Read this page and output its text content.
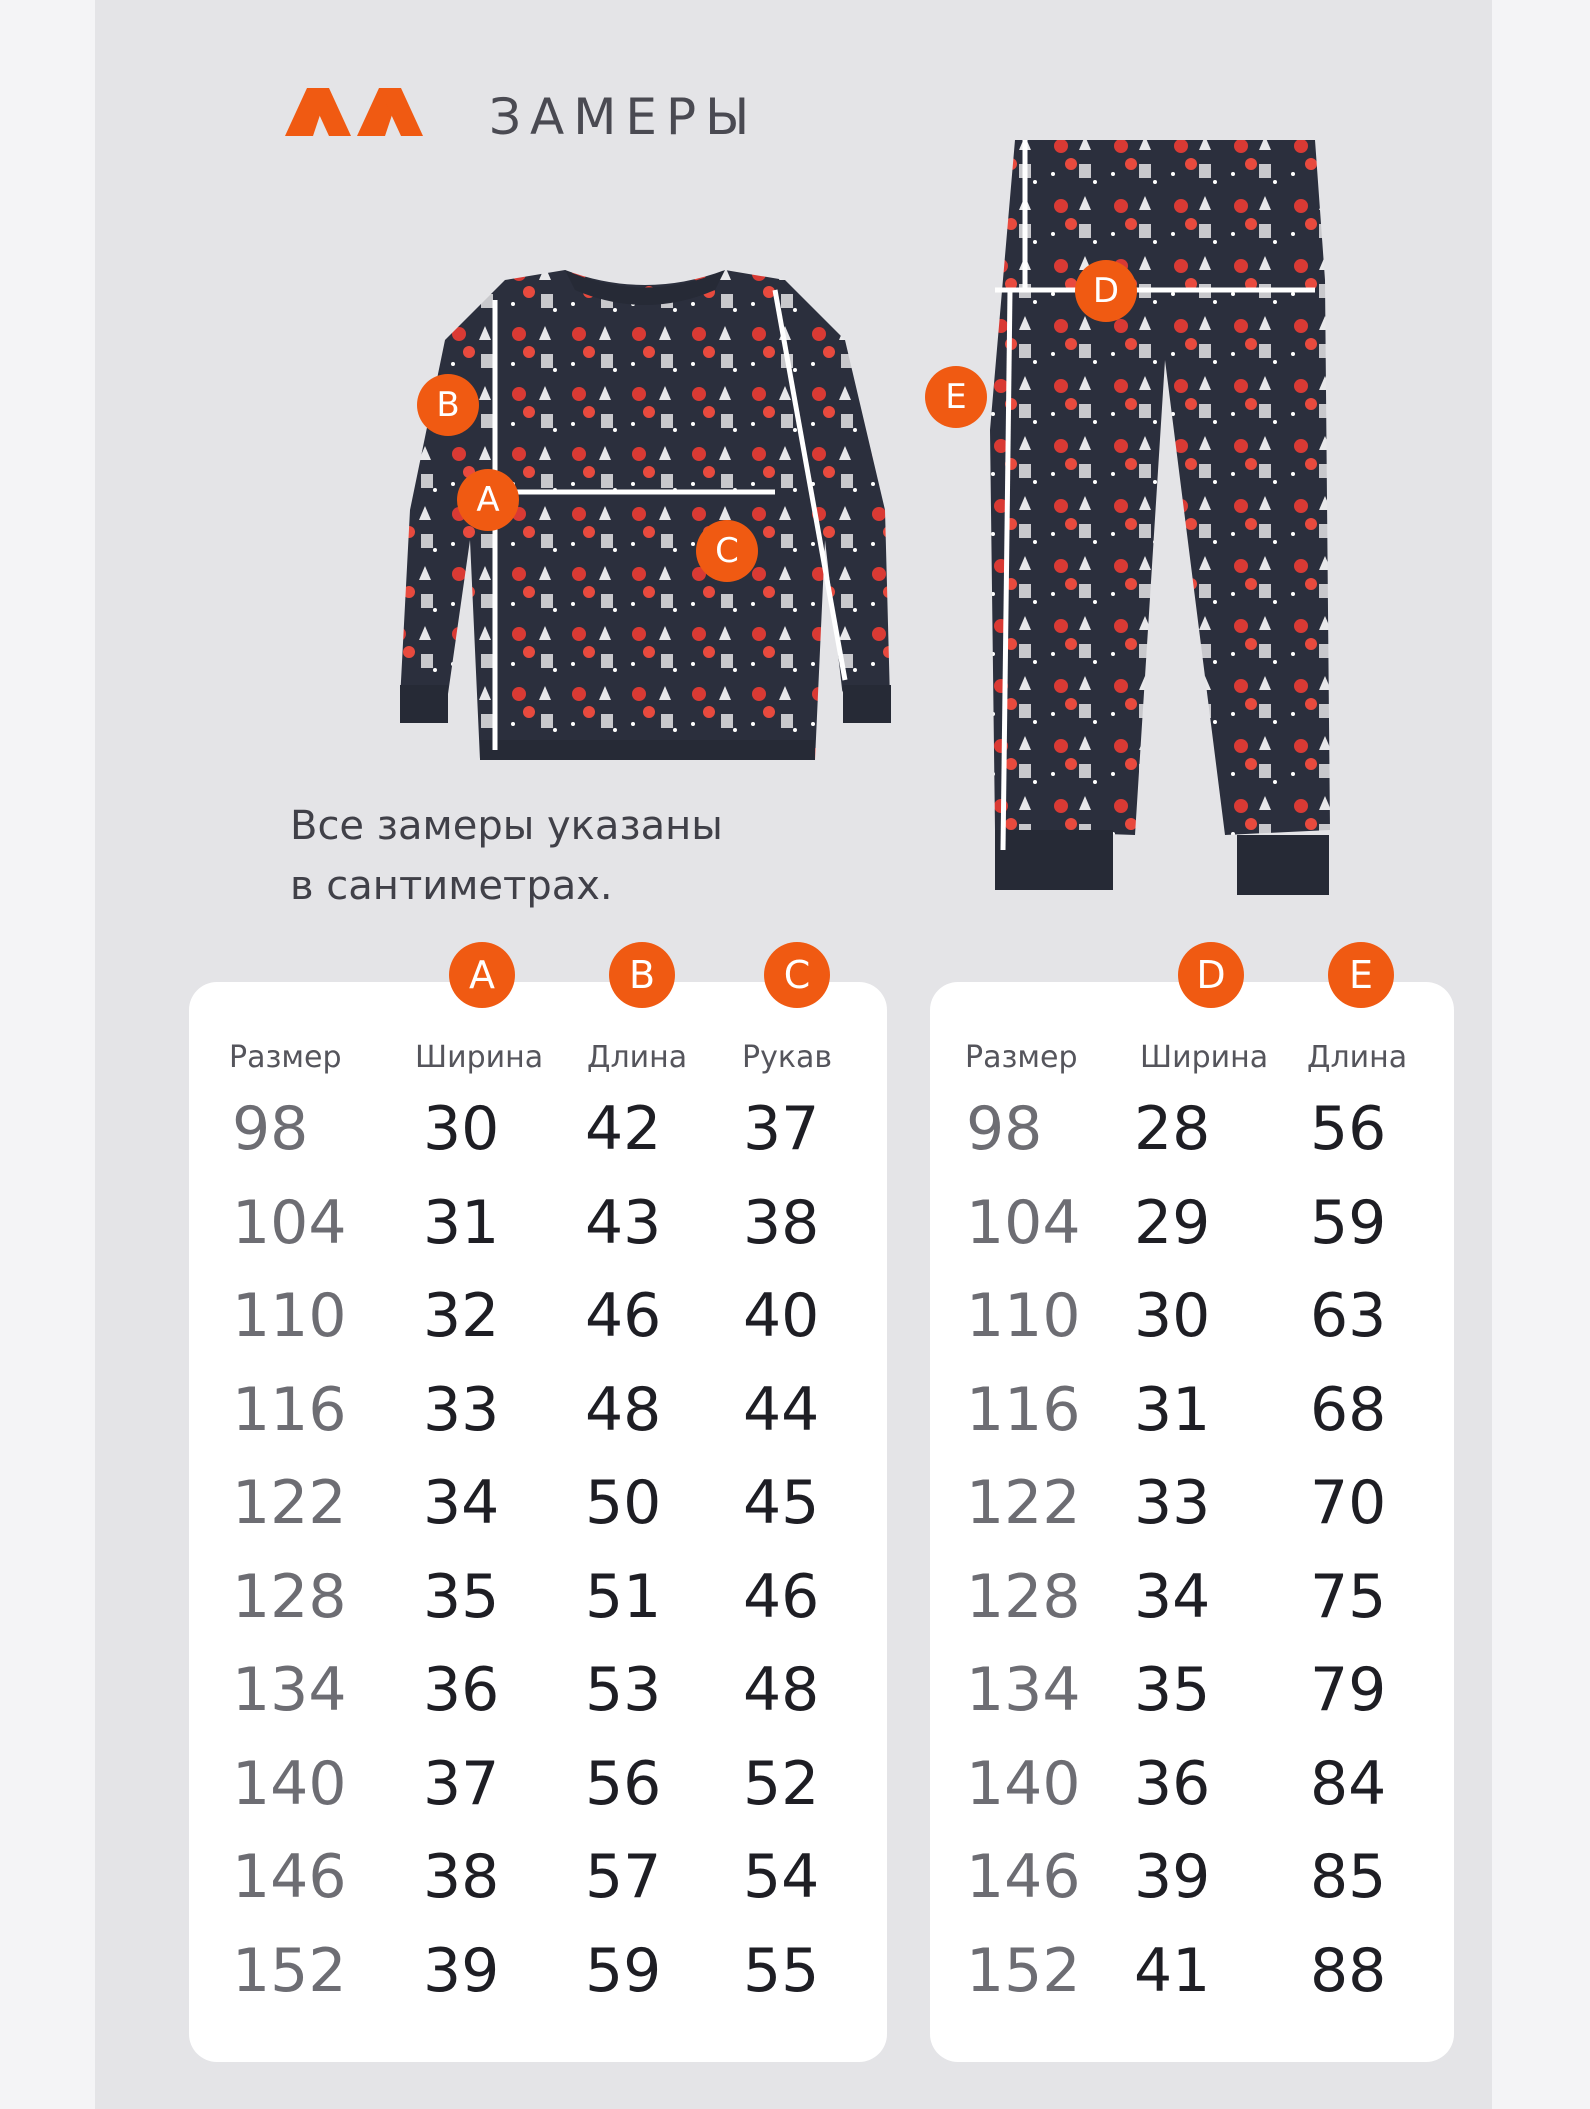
ЗАМЕРЫ
B
A
C
D
E
Все замеры указаны
в сантиметрах.
A	B	C
Размер Ширина Длина Рукав
98 30 42 37
104 31 43 38
110 32 46 40
116 33 48 44
122 34 50 45
128 35 51 46
134 36 53 48
140 37 56 52
146 38 57 54
152 39 59 55
D	E
Размер Ширина Длина
98 28 56
104 29 59
110 30 63
116 31 68
122 33 70
128 34 75
134 35 79
140 36 84
146 39 85
152 41 88
